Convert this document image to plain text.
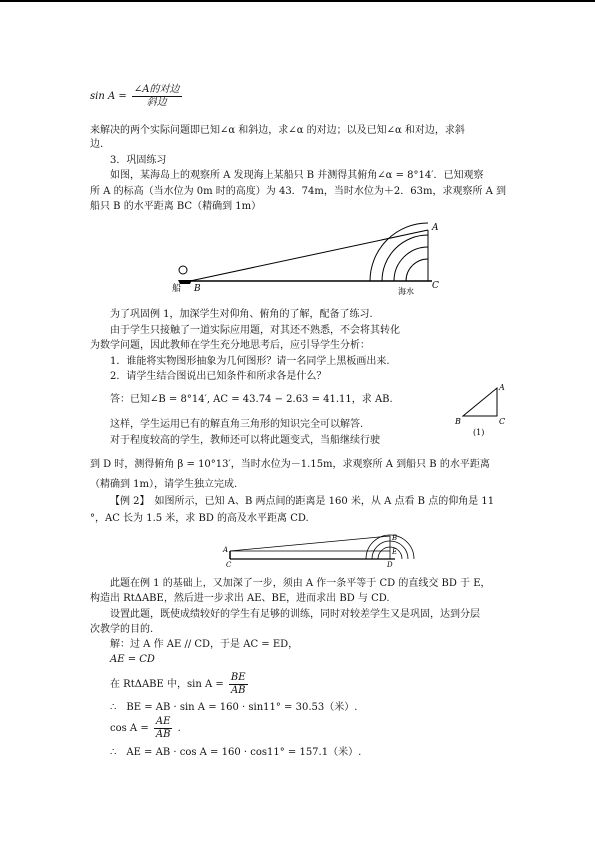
$\sin A = \frac{\text{∠A的对边}}{\text{斜边}}$
来解决的两个实际问题即已知∠α 和斜边，求∠α 的对边；以及已知∠α 和对边，求斜
边.
3．巩固练习
如图，某海岛上的观察所 A 发现海上某船只 B 并测得其俯角∠α = 8°14′．已知观察
所 A 的标高（当水位为 0m 时的高度）为 43．74m，当时水位为＋2．63m，求观察所 A 到
船只 B 的水平距离 BC（精确到 1m）
A
B	C
船	海水
为了巩固例 1，加深学生对仰角、俯角的了解，配备了练习.
由于学生只接触了一道实际应用题，对其还不熟悉，不会将其转化
为数学问题，因此教师在学生充分地思考后，应引导学生分析：
1．谁能将实物图形抽象为几何图形？请一名同学上黑板画出来.
2．请学生结合图说出已知条件和所求各是什么？
答：已知∠B = 8°14′, AC = 43.74 − 2.63 = 41.11，求 AB.
A
B	C
(1)
这样，学生运用已有的解直角三角形的知识完全可以解答.
对于程度较高的学生，教师还可以将此题变式，当船继续行驶
到 D 时，测得俯角 β = 10°13′，当时水位为－1.15m，求观察所 A 到船只 B 的水平距离
（精确到 1m），请学生独立完成.
【例 2】　如图所示，已知 A、B 两点间的距离是 160 米，从 A 点看 B 点的仰角是 11
°，AC 长为 1.5 米，求 BD 的高及水平距离 CD.
A
B
C	D
E
此题在例 1 的基础上，又加深了一步，须由 A 作一条平等于 CD 的直线交 BD 于 E，
构造出 RtΔABE，然后进一步求出 AE、BE，进而求出 BD 与 CD.
设置此题，既使成绩较好的学生有足够的训练，同时对较差学生又是巩固，达到分层
次教学的目的.
解：过 A 作 AE // CD，于是 AC = ED，
AE = CD
在 RtΔABE 中，$\sin A = \frac{BE}{AB}$
∴　BE = AB · sin A = 160 · sin11° = 30.53（米）.
$\cos A = \frac{AE}{AB}$ .
∴　AE = AB · cos A = 160 · cos11° = 157.1（米）.
